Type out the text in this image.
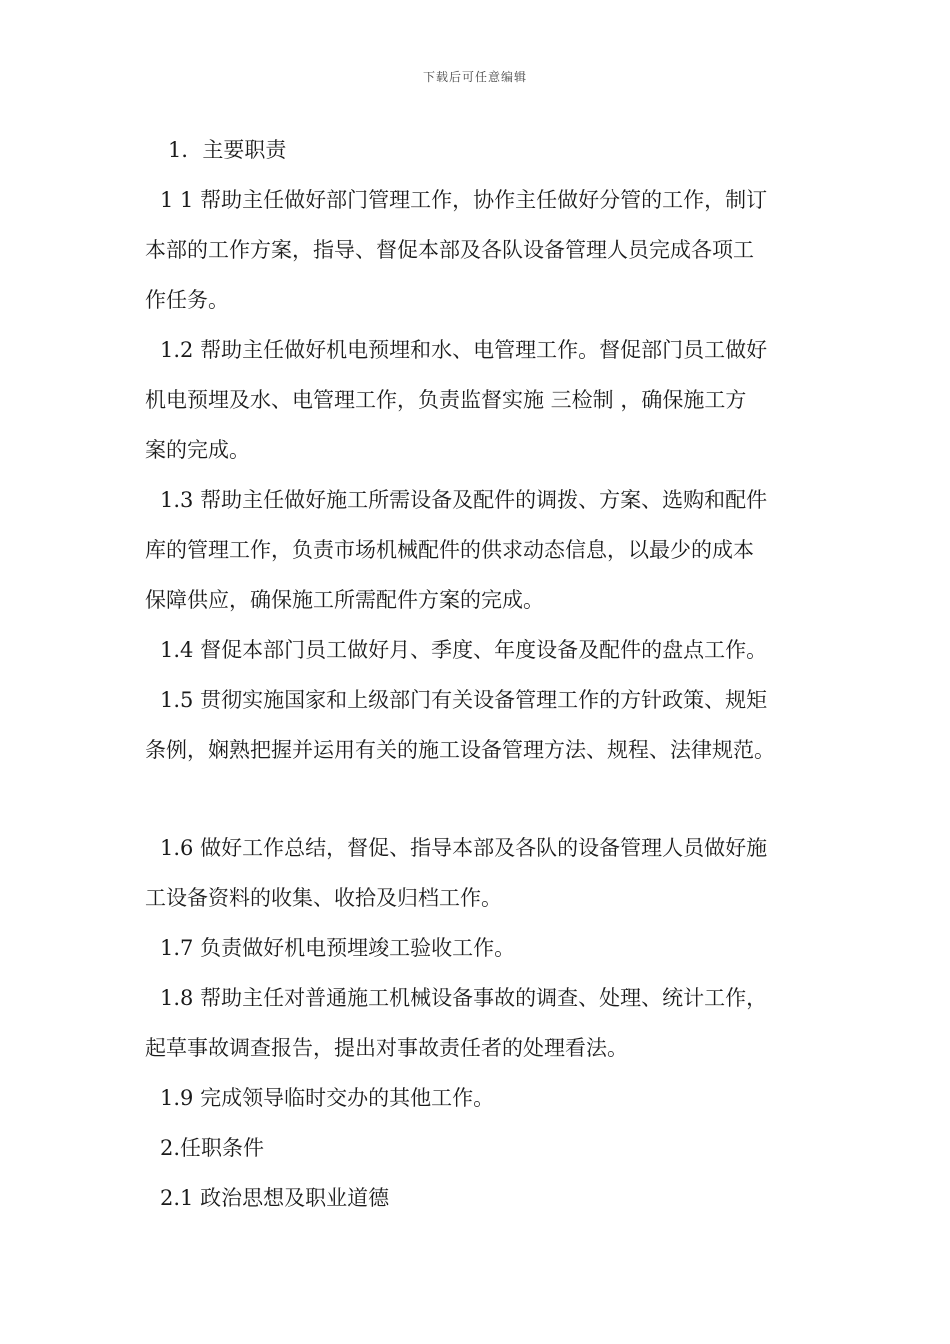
下载后可任意编辑
1．主要职责
1 1 帮助主任做好部门管理工作，协作主任做好分管的工作，制订
本部的工作方案，指导、督促本部及各队设备管理人员完成各项工
作任务。
1.2 帮助主任做好机电预埋和水、电管理工作。督促部门员工做好
机电预埋及水、电管理工作，负责监督实施 三检制 ，确保施工方
案的完成。
1.3 帮助主任做好施工所需设备及配件的调拨、方案、选购和配件
库的管理工作，负责市场机械配件的供求动态信息，以最少的成本
保障供应，确保施工所需配件方案的完成。
1.4 督促本部门员工做好月、季度、年度设备及配件的盘点工作。
1.5 贯彻实施国家和上级部门有关设备管理工作的方针政策、规矩
条例，娴熟把握并运用有关的施工设备管理方法、规程、法律规范。
1.6 做好工作总结，督促、指导本部及各队的设备管理人员做好施
工设备资料的收集、收拾及归档工作。
1.7 负责做好机电预埋竣工验收工作。
1.8 帮助主任对普通施工机械设备事故的调查、处理、统计工作，
起草事故调查报告，提出对事故责任者的处理看法。
1.9 完成领导临时交办的其他工作。
2.任职条件
2.1 政治思想及职业道德
